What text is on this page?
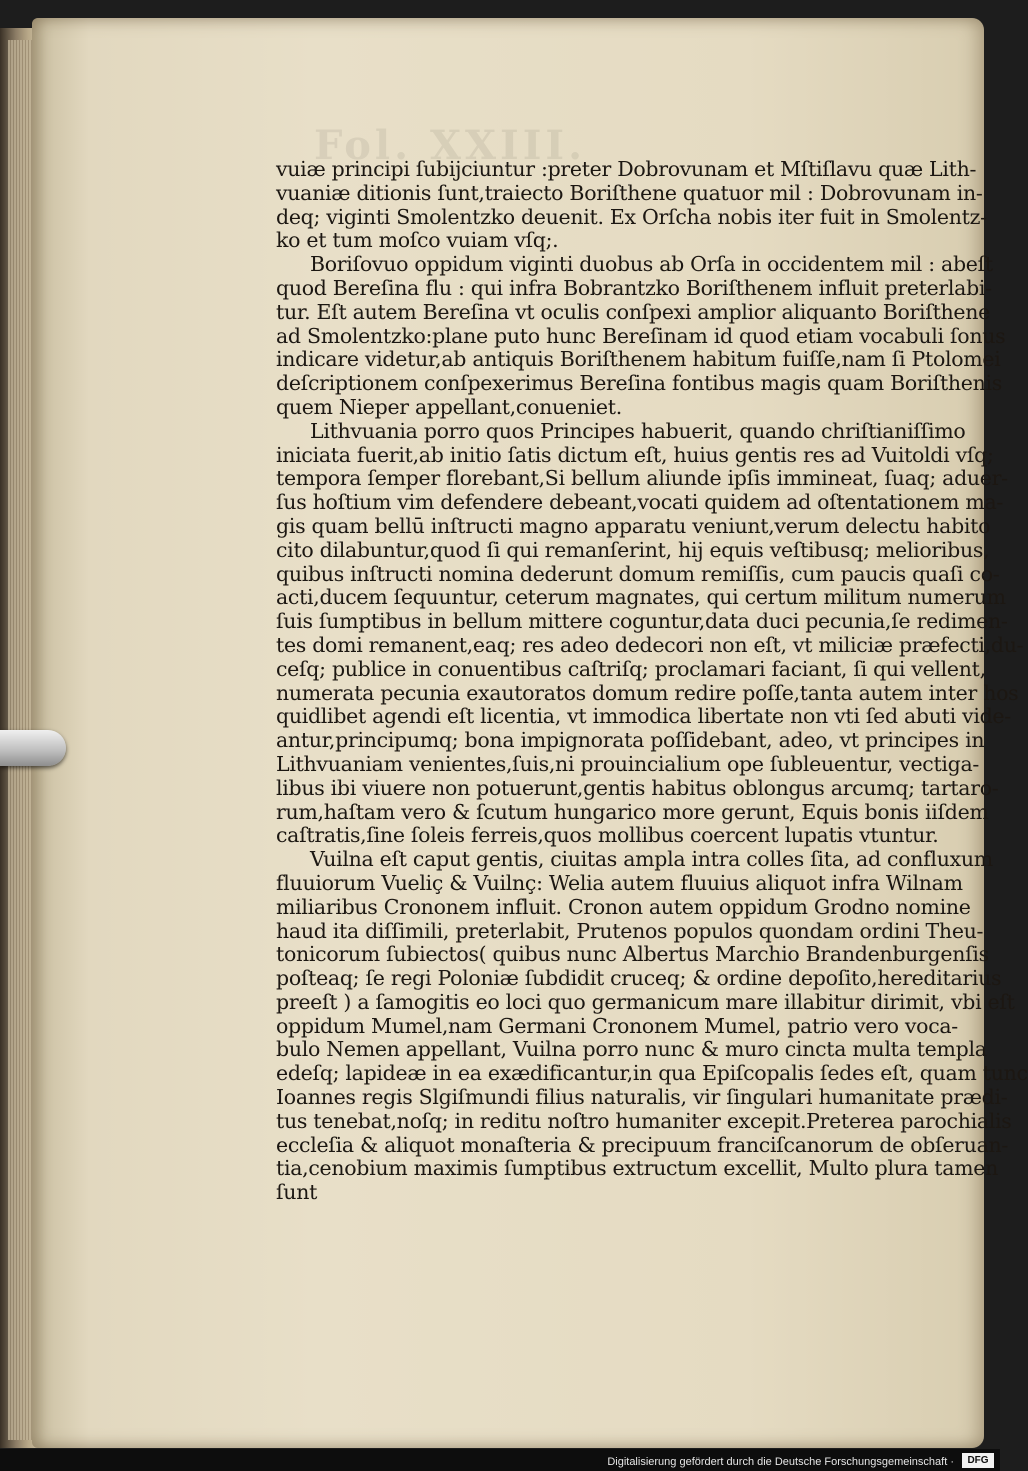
Fol. XXIII.
vuiæ principi ſubijciuntur :preter Dobrovunam et Mſtiſlavu quæ Lith-
vuaniæ ditionis ſunt,traiecto Boriſthene quatuor mil : Dobrovunam in-
deq; viginti Smolentzko deuenit. Ex Orſcha nobis iter fuit in Smolentz-
ko et tum moſco vuiam vſq;.
Boriſovuo oppidum viginti duobus ab Orſa in occidentem mil : abeſt
quod Bereſina flu : qui infra Bobrantzko Boriſthenem influit preterlabi-
tur. Eſt autem Bereſina vt oculis conſpexi amplior aliquanto Boriſthene
ad Smolentzko:plane puto hunc Bereſinam id quod etiam vocabuli ſonus
indicare videtur,ab antiquis Boriſthenem habitum fuiſſe,nam ſi Ptolomei
deſcriptionem conſpexerimus Bereſina fontibus magis quam Boriſthenis
quem Nieper appellant,conueniet.
Lithvuania porro quos Principes habuerit, quando chriſtianiſſimo
iniciata fuerit,ab initio ſatis dictum eſt, huius gentis res ad Vuitoldi vſq;
tempora ſemper florebant,Si bellum aliunde ipſis immineat, ſuaq; aduer-
ſus hoſtium vim defendere debeant,vocati quidem ad oſtentationem ma-
gis quam bellū inſtructi magno apparatu veniunt,verum delectu habito
cito dilabuntur,quod ſi qui remanſerint, hij equis veſtibusq; melioribus,
quibus inſtructi nomina dederunt domum remiſſis, cum paucis quaſi co-
acti,ducem ſequuntur, ceterum magnates, qui certum militum numerum
ſuis ſumptibus in bellum mittere coguntur,data duci pecunia,ſe redimen-
tes domi remanent,eaq; res adeo dedecori non eſt, vt miliciæ præfecti,du-
ceſq; publice in conuentibus caſtriſq; proclamari faciant, ſi qui vellent,
numerata pecunia exautoratos domum redire poſſe,tanta autem inter hos
quidlibet agendi eſt licentia, vt immodica libertate non vti ſed abuti vide-
antur,principumq; bona impignorata poſſidebant, adeo, vt principes in
Lithvuaniam venientes,ſuis,ni prouincialium ope ſubleuentur, vectiga-
libus ibi viuere non potuerunt,gentis habitus oblongus arcumq; tartaro-
rum,haſtam vero & ſcutum hungarico more gerunt, Equis bonis iiſdem
caſtratis,ſine ſoleis ferreis,quos mollibus coercent lupatis vtuntur.
Vuilna eſt caput gentis, ciuitas ampla intra colles ſita, ad confluxum
fluuiorum Vueliç & Vuilnç: Welia autem fluuius aliquot infra Wilnam
miliaribus Crononem influit. Cronon autem oppidum Grodno nomine
haud ita diſſimili, preterlabit, Prutenos populos quondam ordini Theu-
tonicorum ſubiectos( quibus nunc Albertus Marchio Brandenburgenſis
poſteaq; ſe regi Poloniæ ſubdidit cruceq; & ordine depoſito,hereditarius
preeſt ) a ſamogitis eo loci quo germanicum mare illabitur dirimit, vbi eſt
oppidum Mumel,nam Germani Crononem Mumel, patrio vero voca-
bulo Nemen appellant, Vuilna porro nunc & muro cincta multa templa
edeſq; lapideæ in ea exædificantur,in qua Epiſcopalis ſedes eſt, quam tunc
Ioannes regis Slgiſmundi filius naturalis, vir ſingulari humanitate prædi-
tus tenebat,noſq; in reditu noſtro humaniter excepit.Preterea parochialis
eccleſia & aliquot monaſteria & precipuum franciſcanorum de obſeruan-
tia,cenobium maximis ſumptibus extructum excellit, Multo plura tamen
ſunt
Digitalisierung gefördert durch die Deutsche Forschungsgemeinschaft ·	DFG
